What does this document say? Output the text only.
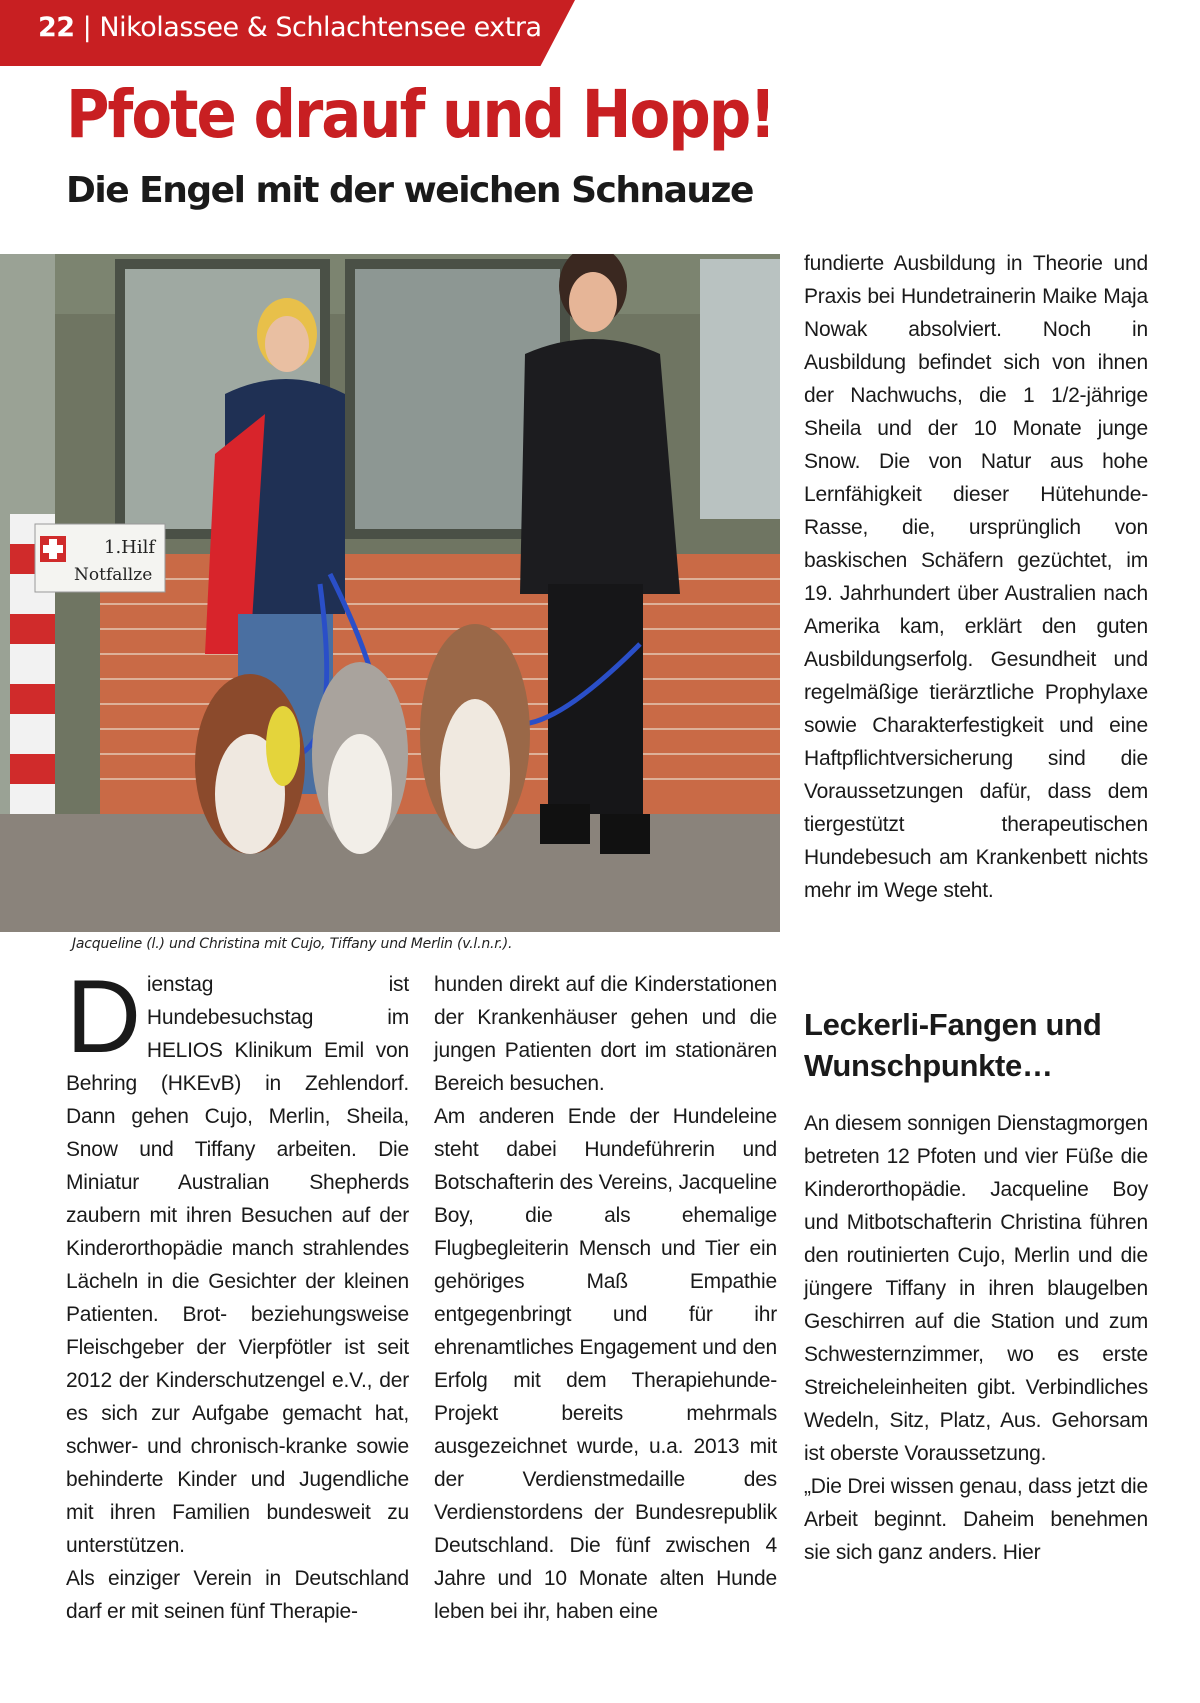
22 | Nikolassee & Schlachtensee extra
Pfote drauf und Hopp!
Die Engel mit der weichen Schnauze
1.Hilf
Notfallze
Jacqueline (l.) und Christina mit Cujo, Tiffany und Merlin (v.l.n.r.).
D ienstag ist Hundebesuchstag im HELIOS Klinikum Emil von Behring (HKEvB) in Zehlendorf. Dann gehen Cujo, Merlin, Sheila, Snow und Tiffany arbeiten. Die Miniatur Australian Shepherds zaubern mit ihren Besuchen auf der Kinderorthopädie manch strahlendes Lächeln in die Gesichter der kleinen Patienten. Brot- beziehungsweise Fleischgeber der Vierpfötler ist seit 2012 der Kinderschutzengel e.V., der es sich zur Aufgabe gemacht hat, schwer- und chronisch-kranke sowie behinderte Kinder und Jugendliche mit ihren Familien bundesweit zu unterstützen.

Als einziger Verein in Deutschland darf er mit seinen fünf Therapie-

hunden direkt auf die Kinderstationen der Krankenhäuser gehen und die jungen Patienten dort im stationären Bereich besuchen.

Am anderen Ende der Hundeleine steht dabei Hundeführerin und Botschafterin des Vereins, Jacqueline Boy, die als ehemalige Flugbegleiterin Mensch und Tier ein gehöriges Maß Empathie entgegenbringt und für ihr ehrenamtliches Engagement und den Erfolg mit dem Therapiehunde-Projekt bereits mehrmals ausgezeichnet wurde, u.a. 2013 mit der Verdienstmedaille des Verdienstordens der Bundesrepublik Deutschland. Die fünf zwischen 4 Jahre und 10 Monate alten Hunde leben bei ihr, haben eine

fundierte Ausbildung in Theorie und Praxis bei Hundetrainerin Maike Maja Nowak absolviert. Noch in Ausbildung befindet sich von ihnen der Nachwuchs, die 1 1/2-jährige Sheila und der 10 Monate junge Snow. Die von Natur aus hohe Lernfähigkeit dieser Hütehunde-Rasse, die, ursprünglich von baskischen Schäfern gezüchtet, im 19. Jahrhundert über Australien nach Amerika kam, erklärt den guten Ausbildungserfolg. Gesundheit und regelmäßige tierärztliche Prophylaxe sowie Charakterfestigkeit und eine Haftpflichtversicherung sind die Voraussetzungen dafür, dass dem tiergestützt therapeutischen Hundebesuch am Krankenbett nichts mehr im Wege steht.

Leckerli-Fangen und Wunschpunkte…

An diesem sonnigen Dienstagmorgen betreten 12 Pfoten und vier Füße die Kinderorthopädie. Jacqueline Boy und Mitbotschafterin Christina führen den routinierten Cujo, Merlin und die jüngere Tiffany in ihren blaugelben Geschirren auf die Station und zum Schwesternzimmer, wo es erste Streicheleinheiten gibt. Verbindliches Wedeln, Sitz, Platz, Aus. Gehorsam ist oberste Voraussetzung.

„Die Drei wissen genau, dass jetzt die Arbeit beginnt. Daheim benehmen sie sich ganz anders. Hier
